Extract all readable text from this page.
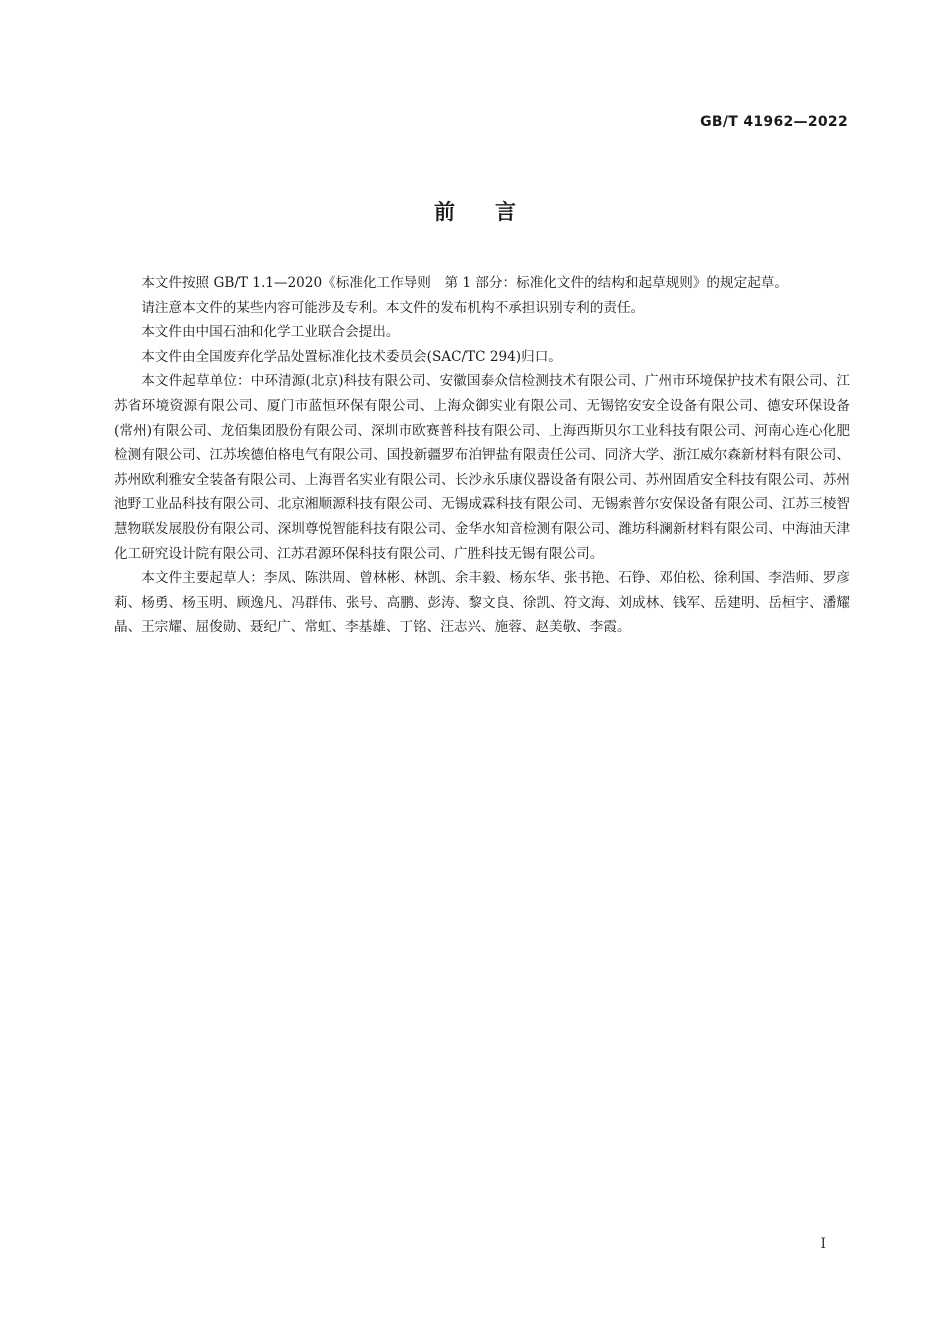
GB/T 41962—2022
前言

本文件按照 GB/T 1.1—2020《标准化工作导则　第 1 部分：标准化文件的结构和起草规则》的规定起草。

请注意本文件的某些内容可能涉及专利。本文件的发布机构不承担识别专利的责任。

本文件由中国石油和化学工业联合会提出。

本文件由全国废弃化学品处置标准化技术委员会(SAC/TC 294)归口。

本文件起草单位：中环清源(北京)科技有限公司、安徽国泰众信检测技术有限公司、广州市环境保护技术有限公司、江苏省环境资源有限公司、厦门市蓝恒环保有限公司、上海众御实业有限公司、无锡铭安安全设备有限公司、德安环保设备(常州)有限公司、龙佰集团股份有限公司、深圳市欧赛普科技有限公司、上海西斯贝尔工业科技有限公司、河南心连心化肥检测有限公司、江苏埃德伯格电气有限公司、国投新疆罗布泊钾盐有限责任公司、同济大学、浙江威尔森新材料有限公司、苏州欧利雅安全装备有限公司、上海晋名实业有限公司、长沙永乐康仪器设备有限公司、苏州固盾安全科技有限公司、苏州池野工业品科技有限公司、北京湘顺源科技有限公司、无锡成霖科技有限公司、无锡索普尔安保设备有限公司、江苏三棱智慧物联发展股份有限公司、深圳尊悦智能科技有限公司、金华水知音检测有限公司、潍坊科澜新材料有限公司、中海油天津化工研究设计院有限公司、江苏君源环保科技有限公司、广胜科技无锡有限公司。

本文件主要起草人：李凤、陈洪周、曾林彬、林凯、余丰毅、杨东华、张书艳、石铮、邓伯松、徐利国、李浩师、罗彦莉、杨勇、杨玉明、顾逸凡、冯群伟、张号、高鹏、彭涛、黎文良、徐凯、符文海、刘成林、钱军、岳建明、岳桓宇、潘耀晶、王宗耀、屈俊勋、聂纪广、常虹、李基雄、丁铭、汪志兴、施蓉、赵美敬、李霞。

I
